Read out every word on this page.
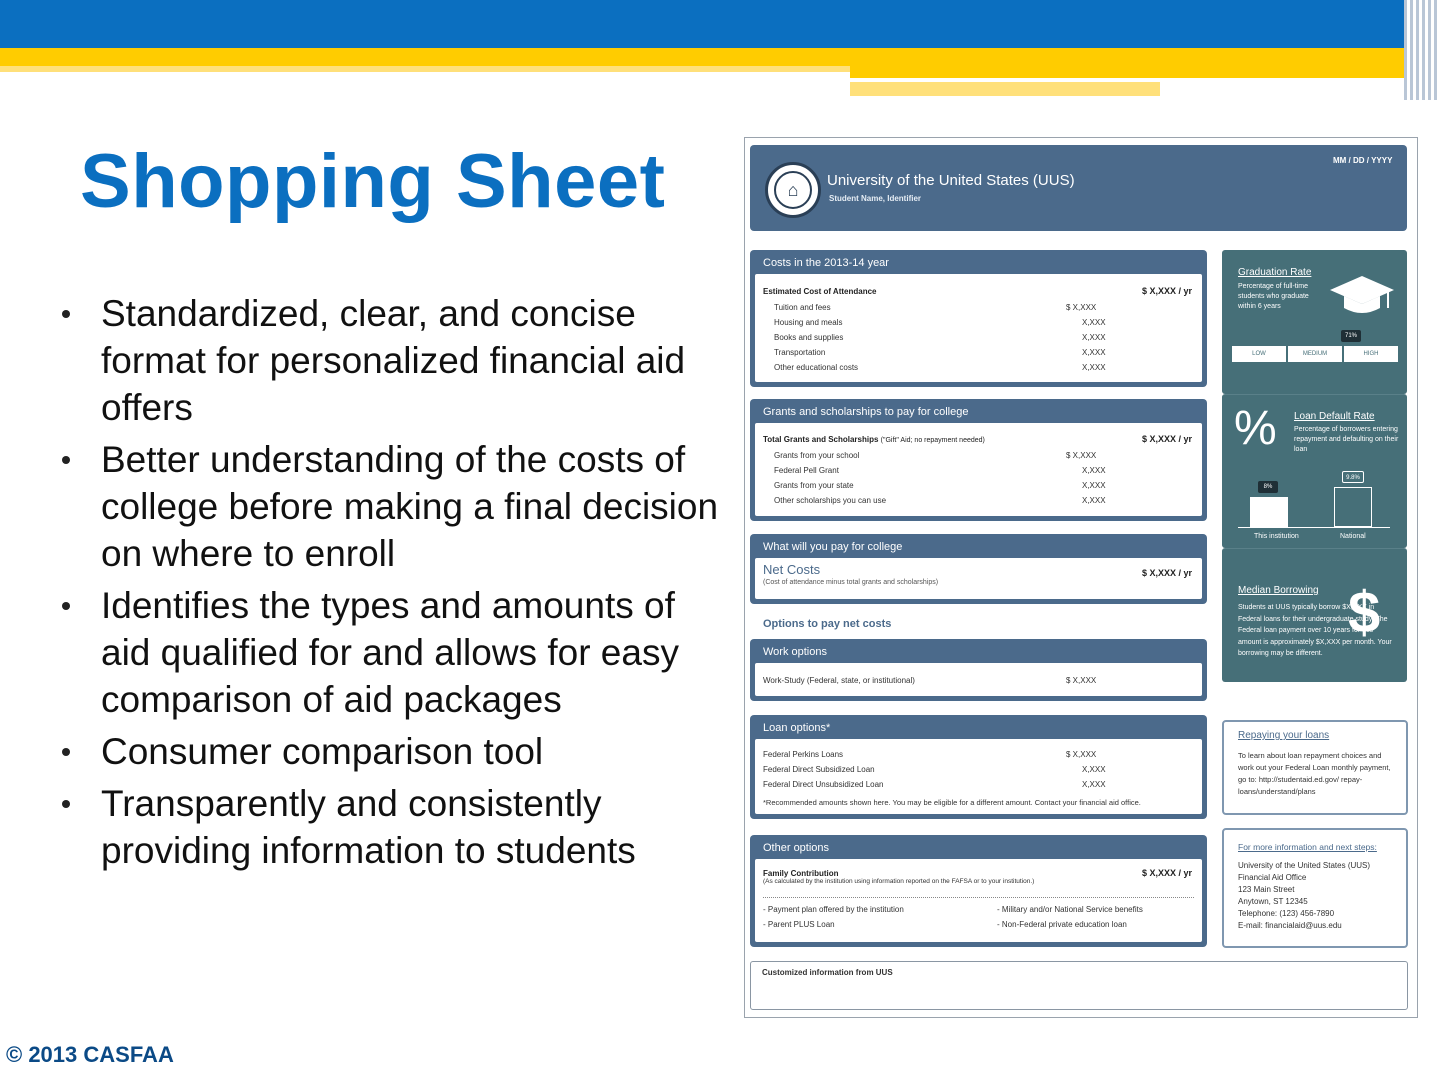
Shopping Sheet
Standardized, clear, and concise format for personalized financial aid offers
Better understanding of the costs of college before making a final decision on where to enroll
Identifies the types and amounts of aid qualified for and allows for easy comparison of aid packages
Consumer comparison tool
Transparently and consistently providing information to students
© 2013 CASFAA
⌂	University of the United States (UUS)
Student Name, Identifier
MM / DD / YYYY
Costs in the 2013-14 year
Estimated Cost of Attendance	$ X,XXX / yr
Tuition and fees	$ X,XXX
Housing and meals	X,XXX
Books and supplies	X,XXX
Transportation	X,XXX
Other educational costs	X,XXX
Grants and scholarships to pay for college
Total Grants and Scholarships ("Gift" Aid; no repayment needed)	$ X,XXX / yr
Grants from your school	$ X,XXX
Federal Pell Grant	X,XXX
Grants from your state	X,XXX
Other scholarships you can use	X,XXX
What will you pay for college
Net Costs
(Cost of attendance minus total grants and scholarships)
$ X,XXX / yr
Options to pay net costs
Work options
Work-Study (Federal, state, or institutional)	$ X,XXX
Loan options*
Federal Perkins Loans	$ X,XXX
Federal Direct Subsidized Loan	X,XXX
Federal Direct Unsubsidized Loan	X,XXX
*Recommended amounts shown here. You may be eligible for a different amount. Contact your financial aid office.
Other options
Family Contribution
(As calculated by the institution using information reported on the FAFSA or to your institution.)
$ X,XXX / yr
- Payment plan offered by the institution
- Parent PLUS Loan
- Military and/or National Service benefits
- Non-Federal private education loan
Graduation Rate
Percentage of full-time students who graduate within 6 years
71%
LOW	MEDIUM	HIGH
% Loan Default Rate
Percentage of borrowers entering repayment and defaulting on their loan
8%
9.8%
This institution	National
Median Borrowing
Students at UUS typically borrow $X,XXX in Federal loans for their undergraduate study. The Federal loan payment over 10 years for this amount is approximately $X,XXX per month. Your borrowing may be different.
$
Repaying your loans
To learn about loan repayment choices and work out your Federal Loan monthly payment, go to: http://studentaid.ed.gov/ repay-loans/understand/plans
For more information and next steps:
University of the United States (UUS)
Financial Aid Office
123 Main Street
Anytown, ST 12345
Telephone: (123) 456-7890
E-mail: financialaid@uus.edu
Customized information from UUS
